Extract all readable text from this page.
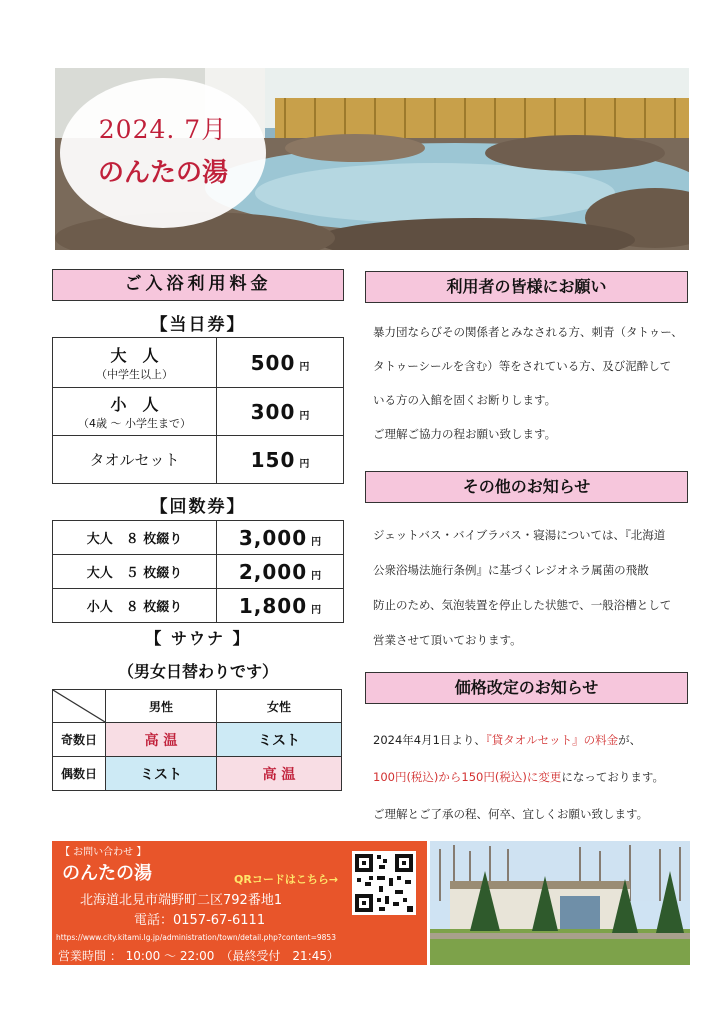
2024. 7月
のんたの湯
ご入浴利用料金
【当日券】
大　人
（中学生以上）	500 円

小　人
（4歳 ～ 小学生まで）	300 円
タオルセット	150 円
【回数券】
大人　８ 枚綴り	3,000 円
大人　５ 枚綴り	2,000 円
小人　８ 枚綴り	1,800 円
【 サウナ 】
（男女日替わりです）
	男性	女性
奇数日	高 温	ミスト
偶数日	ミスト	高 温
利用者の皆様にお願い
暴力団ならびその関係者とみなされる方、刺青（タトゥー、
タトゥーシールを含む）等をされている方、及び泥酔して
いる方の入館を固くお断りします。
ご理解ご協力の程お願い致します。
その他のお知らせ
ジェットバス・バイブラバス・寝湯については、『北海道
公衆浴場法施行条例』に基づくレジオネラ属菌の飛散
防止のため、気泡装置を停止した状態で、一般浴槽として
営業させて頂いております。
価格改定のお知らせ
2024年4月1日より、『貸タオルセット』の料金が、
100円(税込)から150円(税込)に変更になっております。
ご理解とご了承の程、何卒、宜しくお願い致します。
【 お問い合わせ 】
のんたの湯	QRコードはこちら→
北海道北見市端野町二区792番地1
電話：0157-67-6111
https://www.city.kitami.lg.jp/administration/town/detail.php?content=9853
営業時間 ： 10:00 ～ 22:00　（最終受付　21:45）
